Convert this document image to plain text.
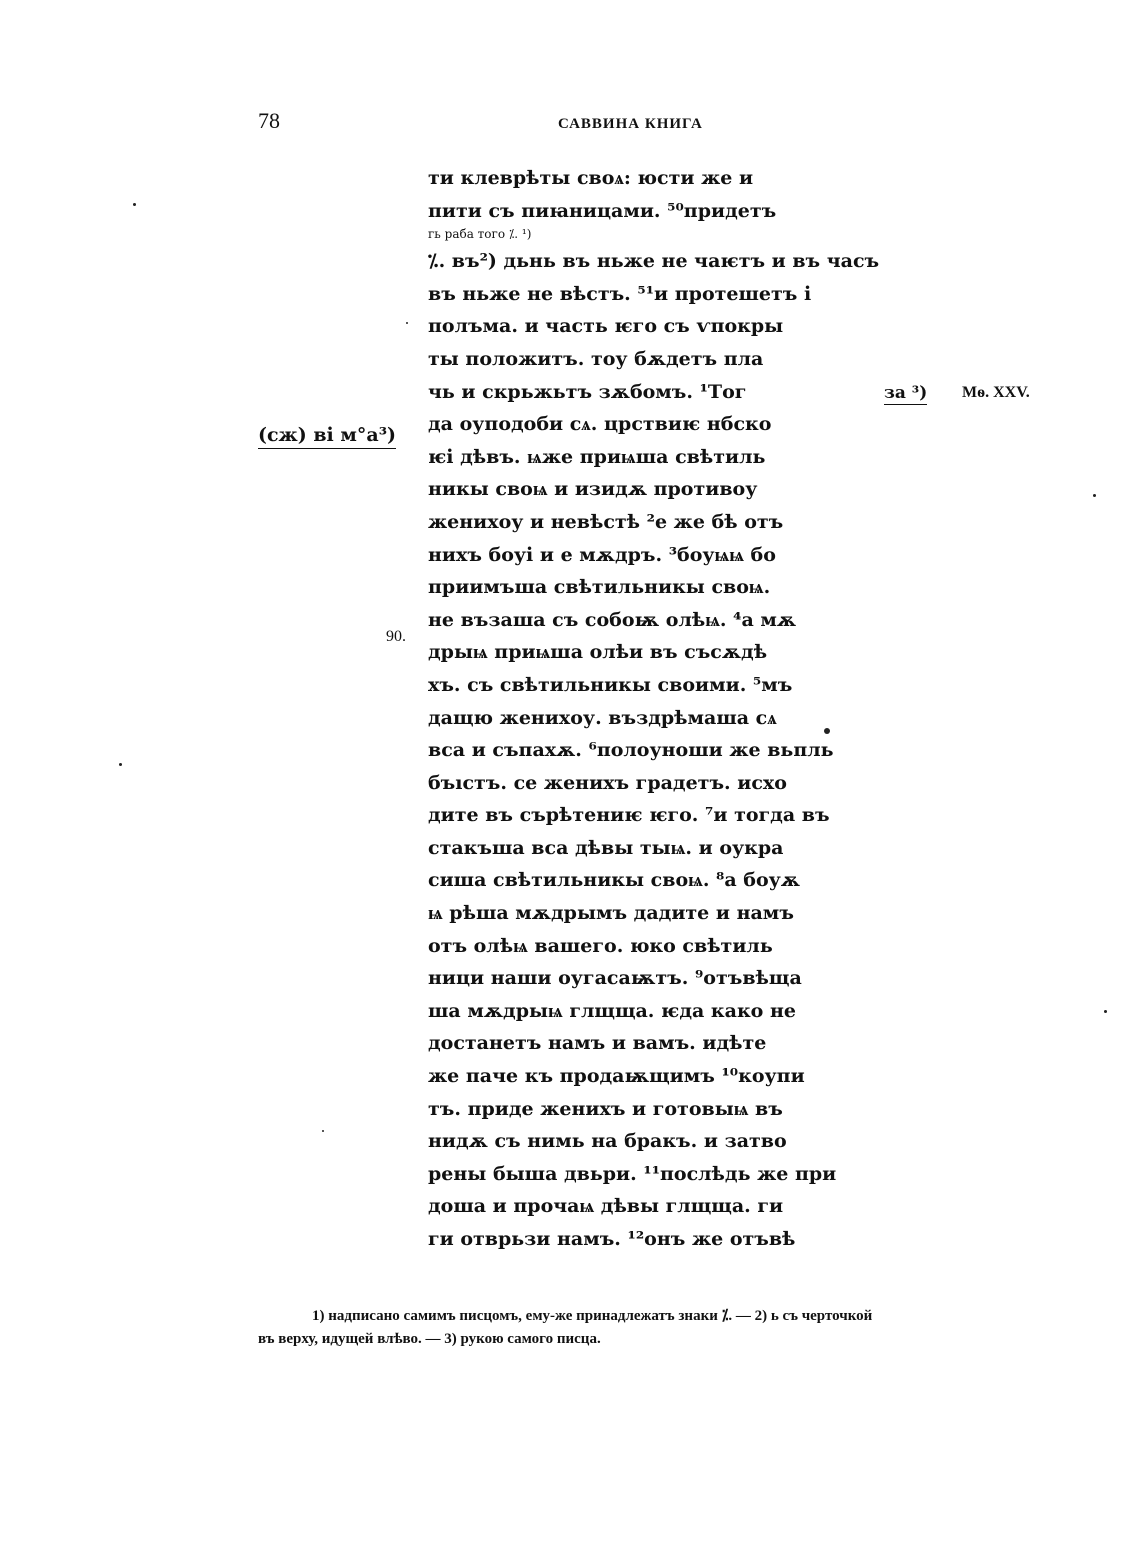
78	САВВИНА КНИГА
(сж) ві м°а³)
90.
за ³) Мѳ. XXV.
ти клеврѣты своѧ: юсти же и
пити съ пиꙗницами. ⁵⁰придетъ
гь раба того ⁒. ¹)
⁒. въ²) дьнь въ ньже не чаѥтъ и въ часъ
въ ньже не вѣстъ. ⁵¹и протешетъ і
полъма. и часть ѥго съ ѵпокры
ты положитъ. тоу бѫдетъ пла
чь и скрьжьтъ зѫбомъ. ¹Тог
да оуподоби сѧ. црствиѥ нбско
ѥі дѣвъ. ѩже приѩша свѣтиль
никы своѩ и изидѫ противоу
жениxоу и невѣстѣ ²е же бѣ отъ
ниxъ боуі и е мѫдръ. ³боуѩѩ бо
приимъша свѣтильникы своѩ.
не възаша съ собоѭ олѣѩ. ⁴а мѫ
дрыѩ приѩша олѣи въ съсѫдѣ
xъ. съ свѣтильникы своими. ⁵мъ
дащю жениxоу. въздрѣмаша сѧ
вса и съпаxѫ. ⁶полоуноши же вьпль
бъıстъ. се жениxъ градетъ. исxо
дите въ сърѣтениѥ ѥго. ⁷и тогда въ
стакъша вса дѣвы тыѩ. и оукра
сиша свѣтильникы своѩ. ⁸а боуѫ
ѩ рѣша мѫдрымъ дадите и намъ
отъ олѣѩ вашего. юко свѣтиль
ници наши оугасаѭтъ. ⁹отъвѣща
ша мѫдрыѩ глщща. ѥда како не
достанетъ намъ и вамъ. идѣте
же паче къ продаѭщимъ ¹⁰коупи
тъ. приде жениxъ и готовыѩ въ
нидѫ съ нимь на бракъ. и затво
рены быша двьри. ¹¹послѣдь же при
доша и прочаѩ дѣвы глщща. ги
ги отврьзи намъ. ¹²онъ же отъвѣ
1) надписано самимъ писцомъ, ему-же принадлежатъ знаки ⁒. — 2) ь съ черточкой
въ верху, идущей влѣво. — 3) рукою самого писца.
